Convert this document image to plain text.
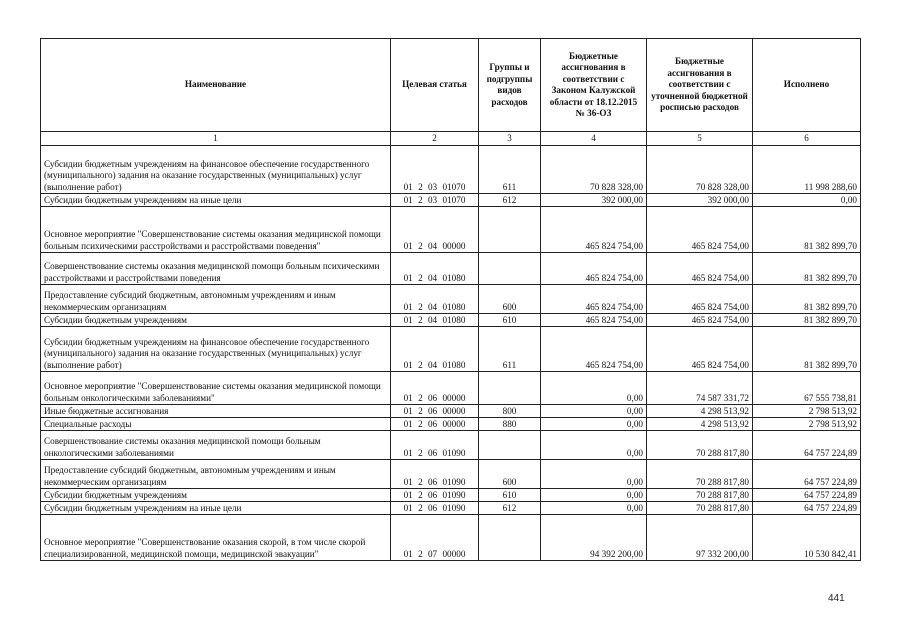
Наименование	Целевая статья	Группы и подгруппы видов расходов	Бюджетные ассигнования в соответствии с Законом Калужской области от 18.12.2015 № 36-ОЗ	Бюджетные ассигнования в соответствии с уточненной бюджетной росписью расходов	Исполнено
1	2	3	4	5	6
Субсидии бюджетным учреждениям на финансовое обеспечение государственного (муниципального) задания на оказание государственных (муниципальных) услуг (выполнение работ)	01 2 03 01070	611	70 828 328,00	70 828 328,00	11 998 288,60
Субсидии бюджетным учреждениям на иные цели	01 2 03 01070	612	392 000,00	392 000,00	0,00
Основное мероприятие "Совершенствование системы оказания медицинской помощи больным психическими расстройствами и расстройствами поведения"	01 2 04 00000		465 824 754,00	465 824 754,00	81 382 899,70
Совершенствование системы оказания медицинской помощи больным психическими расстройствами и расстройствами поведения	01 2 04 01080		465 824 754,00	465 824 754,00	81 382 899,70
Предоставление субсидий бюджетным, автономным учреждениям и иным некоммерческим организациям	01 2 04 01080	600	465 824 754,00	465 824 754,00	81 382 899,70
Субсидии бюджетным учреждениям	01 2 04 01080	610	465 824 754,00	465 824 754,00	81 382 899,70
Субсидии бюджетным учреждениям на финансовое обеспечение государственного (муниципального) задания на оказание государственных (муниципальных) услуг (выполнение работ)	01 2 04 01080	611	465 824 754,00	465 824 754,00	81 382 899,70
Основное мероприятие "Совершенствование системы оказания медицинской помощи больным онкологическими заболеваниями"	01 2 06 00000		0,00	74 587 331,72	67 555 738,81
Иные бюджетные ассигнования	01 2 06 00000	800	0,00	4 298 513,92	2 798 513,92
Специальные расходы	01 2 06 00000	880	0,00	4 298 513,92	2 798 513,92
Совершенствование системы оказания медицинской помощи больным онкологическими заболеваниями	01 2 06 01090		0,00	70 288 817,80	64 757 224,89
Предоставление субсидий бюджетным, автономным учреждениям и иным некоммерческим организациям	01 2 06 01090	600	0,00	70 288 817,80	64 757 224,89
Субсидии бюджетным учреждениям	01 2 06 01090	610	0,00	70 288 817,80	64 757 224,89
Субсидии бюджетным учреждениям на иные цели	01 2 06 01090	612	0,00	70 288 817,80	64 757 224,89
Основное мероприятие "Совершенствование оказания скорой, в том числе скорой специализированной, медицинской помощи, медицинской эвакуации"	01 2 07 00000		94 392 200,00	97 332 200,00	10 530 842,41
441
